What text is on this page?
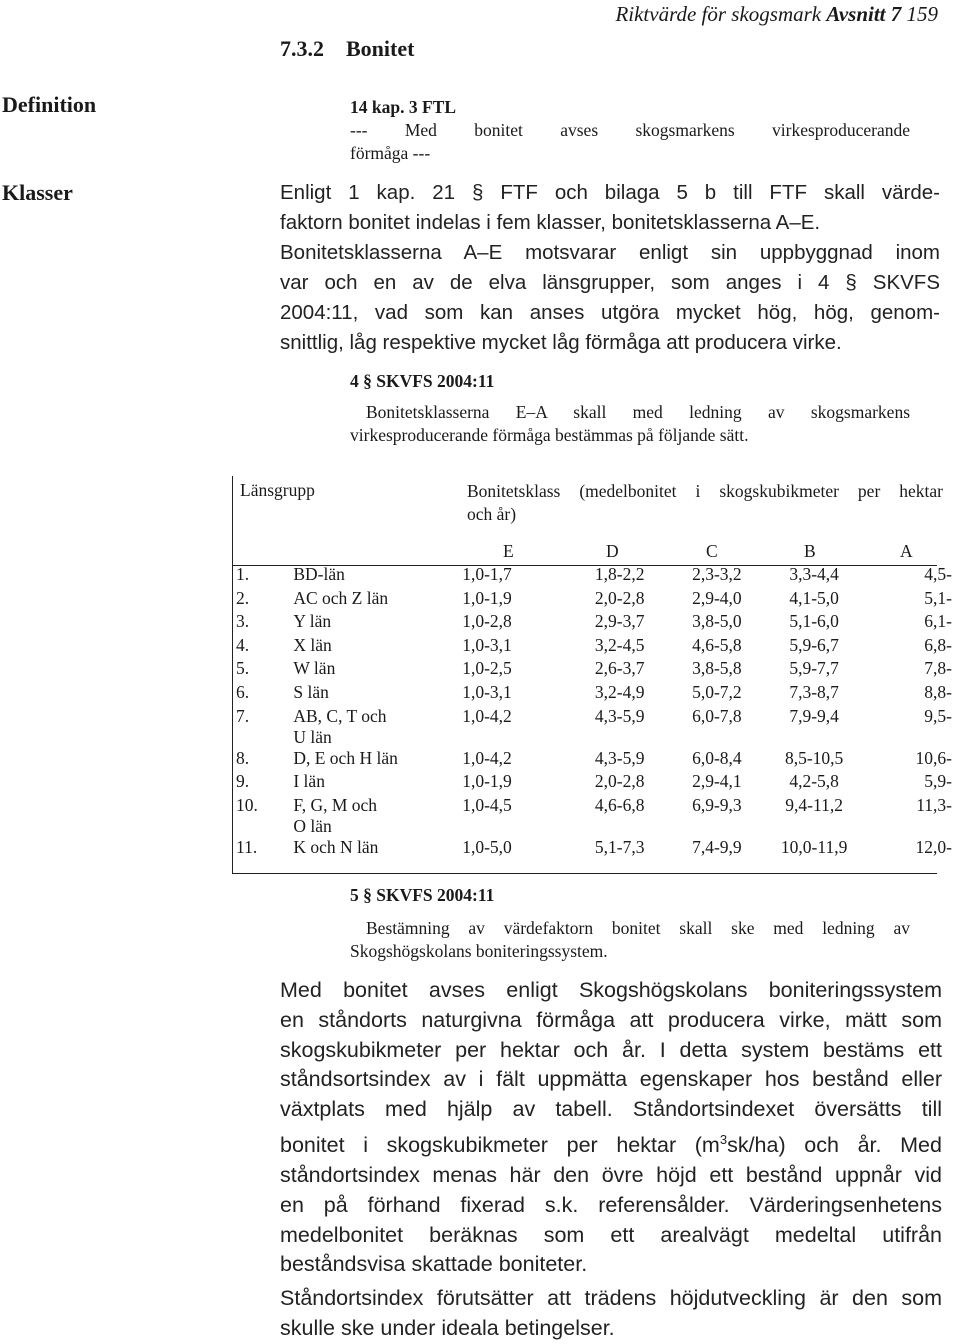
Riktvärde för skogsmark Avsnitt 7 159
7.3.2 Bonitet
Definition
Klasser
14 kap. 3 FTL
--- Med bonitet avses skogsmarkens virkesproducerande
förmåga ---
Enligt 1 kap. 21 § FTF och bilaga 5 b till FTF skall värde-
faktorn bonitet indelas i fem klasser, bonitetsklasserna A–E.
Bonitetsklasserna A–E motsvarar enligt sin uppbyggnad inom
var och en av de elva länsgrupper, som anges i 4 § SKVFS
2004:11, vad som kan anses utgöra mycket hög, hög, genom-
snittlig, låg respektive mycket låg förmåga att producera virke.
4 § SKVFS 2004:11
Bonitetsklasserna E–A skall med ledning av skogsmarkens
virkesproducerande förmåga bestämmas på följande sätt.
Länsgrupp	Bonitetsklass (medelbonitet i skogskubikmeter per hektar
och år)
E	D	C	B	A
1.	BD-län	1,0-1,7	1,8-2,2	2,3-3,2	3,3-4,4	4,5-
2.	AC och Z län	1,0-1,9	2,0-2,8	2,9-4,0	4,1-5,0	5,1-
3.	Y län	1,0-2,8	2,9-3,7	3,8-5,0	5,1-6,0	6,1-
4.	X län	1,0-3,1	3,2-4,5	4,6-5,8	5,9-6,7	6,8-
5.	W län	1,0-2,5	2,6-3,7	3,8-5,8	5,9-7,7	7,8-
6.	S län	1,0-3,1	3,2-4,9	5,0-7,2	7,3-8,7	8,8-
7.	AB, C, T och
U län	1,0-4,2	4,3-5,9	6,0-7,8	7,9-9,4	9,5-
8.	D, E och H län	1,0-4,2	4,3-5,9	6,0-8,4	8,5-10,5	10,6-
9.	I län	1,0-1,9	2,0-2,8	2,9-4,1	4,2-5,8	5,9-
10.	F, G, M och
O län	1,0-4,5	4,6-6,8	6,9-9,3	9,4-11,2	11,3-
11.	K och N län	1,0-5,0	5,1-7,3	7,4-9,9	10,0-11,9	12,0-
5 § SKVFS 2004:11
Bestämning av värdefaktorn bonitet skall ske med ledning av
Skogshögskolans boniteringssystem.
Med bonitet avses enligt Skogshögskolans boniteringssystem
en ståndorts naturgivna förmåga att producera virke, mätt som
skogskubikmeter per hektar och år. I detta system bestäms ett
ståndsortsindex av i fält uppmätta egenskaper hos bestånd eller
växtplats med hjälp av tabell. Ståndortsindexet översätts till
bonitet i skogskubikmeter per hektar $(m^3sk/ha)$ och år. Med
ståndortsindex menas här den övre höjd ett bestånd uppnår vid
en på förhand fixerad s.k. referensålder. Värderingsenhetens
medelbonitet beräknas som ett arealvägt medeltal utifrån
beståndsvisa skattade boniteter.
Ståndortsindex förutsätter att trädens höjdutveckling är den som
skulle ske under ideala betingelser.
